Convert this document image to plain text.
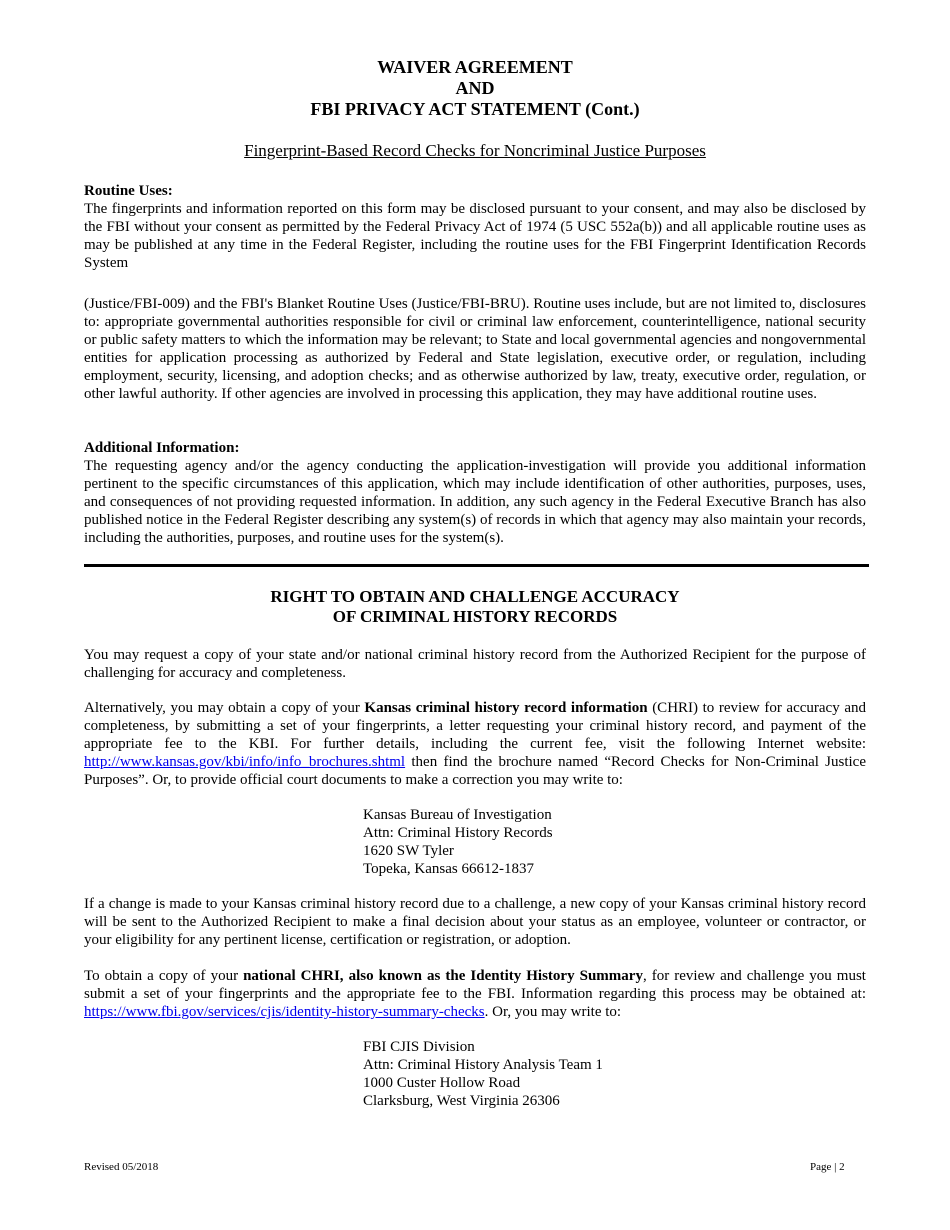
WAIVER AGREEMENT
AND
FBI PRIVACY ACT STATEMENT (Cont.)
Fingerprint-Based Record Checks for Noncriminal Justice Purposes
Routine Uses:
The fingerprints and information reported on this form may be disclosed pursuant to your consent, and may also be disclosed by the FBI without your consent as permitted by the Federal Privacy Act of 1974 (5 USC 552a(b)) and all applicable routine uses as may be published at any time in the Federal Register, including the routine uses for the FBI Fingerprint Identification Records System
(Justice/FBI-009) and the FBI's Blanket Routine Uses (Justice/FBI-BRU). Routine uses include, but are not limited to, disclosures to: appropriate governmental authorities responsible for civil or criminal law enforcement, counterintelligence, national security or public safety matters to which the information may be relevant; to State and local governmental agencies and nongovernmental entities for application processing as authorized by Federal and State legislation, executive order, or regulation, including employment, security, licensing, and adoption checks; and as otherwise authorized by law, treaty, executive order, regulation, or other lawful authority. If other agencies are involved in processing this application, they may have additional routine uses.
Additional Information:
The requesting agency and/or the agency conducting the application-investigation will provide you additional information pertinent to the specific circumstances of this application, which may include identification of other authorities, purposes, uses, and consequences of not providing requested information. In addition, any such agency in the Federal Executive Branch has also published notice in the Federal Register describing any system(s) of records in which that agency may also maintain your records, including the authorities, purposes, and routine uses for the system(s).
RIGHT TO OBTAIN AND CHALLENGE ACCURACY
OF CRIMINAL HISTORY RECORDS
You may request a copy of your state and/or national criminal history record from the Authorized Recipient for the purpose of challenging for accuracy and completeness.
Alternatively, you may obtain a copy of your Kansas criminal history record information (CHRI) to review for accuracy and completeness, by submitting a set of your fingerprints, a letter requesting your criminal history record, and payment of the appropriate fee to the KBI. For further details, including the current fee, visit the following Internet website: http://www.kansas.gov/kbi/info/info_brochures.shtml then find the brochure named “Record Checks for Non-Criminal Justice Purposes”. Or, to provide official court documents to make a correction you may write to:
Kansas Bureau of Investigation
Attn: Criminal History Records
1620 SW Tyler
Topeka, Kansas 66612-1837
If a change is made to your Kansas criminal history record due to a challenge, a new copy of your Kansas criminal history record will be sent to the Authorized Recipient to make a final decision about your status as an employee, volunteer or contractor, or your eligibility for any pertinent license, certification or registration, or adoption.
To obtain a copy of your national CHRI, also known as the Identity History Summary, for review and challenge you must submit a set of your fingerprints and the appropriate fee to the FBI. Information regarding this process may be obtained at: https://www.fbi.gov/services/cjis/identity-history-summary-checks. Or, you may write to:
FBI CJIS Division
Attn: Criminal History Analysis Team 1
1000 Custer Hollow Road
Clarksburg, West Virginia 26306
Revised 05/2018	Page | 2
